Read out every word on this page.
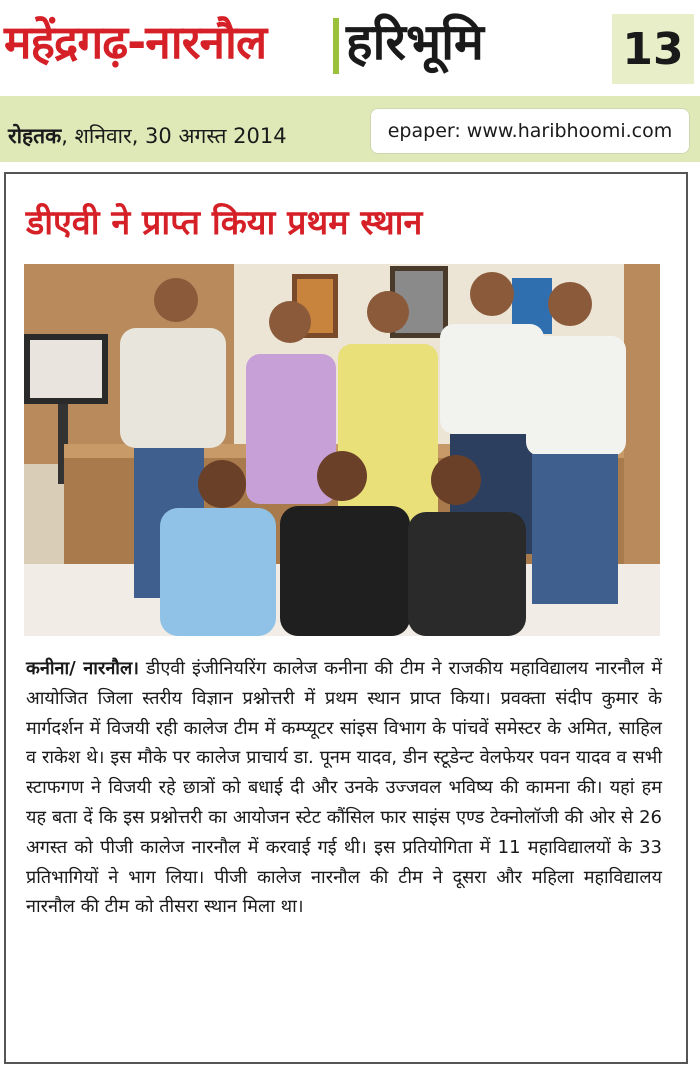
महेंद्रगढ़-नारनौल हरिभूमि	13
रोहतक, शनिवार, 30 अगस्त 2014	epaper: www.haribhoomi.com
डीएवी ने प्राप्त किया प्रथम स्थान
कनीना/ नारनौल। डीएवी इंजीनियरिंग कालेज कनीना की टीम ने राजकीय महाविद्यालय नारनौल में आयोजित जिला स्तरीय विज्ञान प्रश्नोत्तरी में प्रथम स्थान प्राप्त किया। प्रवक्ता संदीप कुमार के मार्गदर्शन में विजयी रही कालेज टीम में कम्प्यूटर सांइस विभाग के पांचवें समेस्टर के अमित, साहिल व राकेश थे। इस मौके पर कालेज प्राचार्य डा. पूनम यादव, डीन स्टूडेन्ट वेलफेयर पवन यादव व सभी स्टाफगण ने विजयी रहे छात्रों को बधाई दी और उनके उज्जवल भविष्य की कामना की। यहां हम यह बता दें कि इस प्रश्नोत्तरी का आयोजन स्टेट कौंसिल फार साइंस एण्ड टेक्नोलॉजी की ओर से 26 अगस्त को पीजी कालेज नारनौल में करवाई गई थी। इस प्रतियोगिता में 11 महाविद्यालयों के 33 प्रतिभागियों ने भाग लिया। पीजी कालेज नारनौल की टीम ने दूसरा और महिला महाविद्यालय नारनौल की टीम को तीसरा स्थान मिला था।
